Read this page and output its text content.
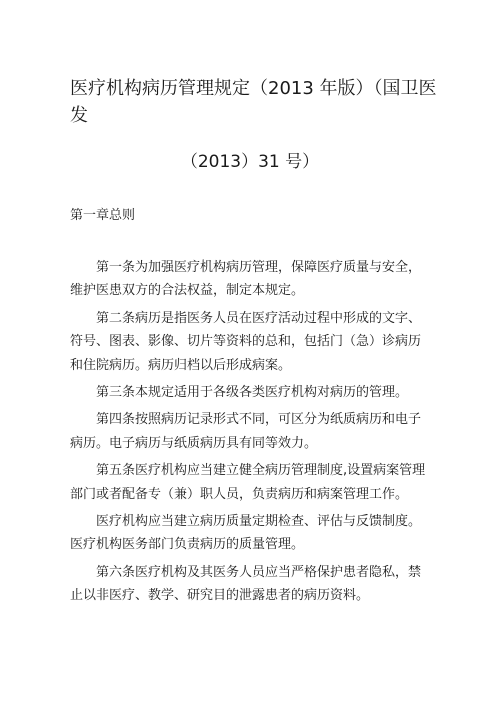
医疗机构病历管理规定（2013 年版）（国卫医
发
（2013）31 号）
第一章总则

第一条为加强医疗机构病历管理，保障医疗质量与安全，维护医患双方的合法权益，制定本规定。

第二条病历是指医务人员在医疗活动过程中形成的文字、符号、图表、影像、切片等资料的总和，包括门（急）诊病历和住院病历。病历归档以后形成病案。

第三条本规定适用于各级各类医疗机构对病历的管理。

第四条按照病历记录形式不同，可区分为纸质病历和电子病历。电子病历与纸质病历具有同等效力。

第五条医疗机构应当建立健全病历管理制度,设置病案管理部门或者配备专（兼）职人员，负责病历和病案管理工作。

医疗机构应当建立病历质量定期检查、评估与反馈制度。医疗机构医务部门负责病历的质量管理。

第六条医疗机构及其医务人员应当严格保护患者隐私，禁止以非医疗、教学、研究目的泄露患者的病历资料。
